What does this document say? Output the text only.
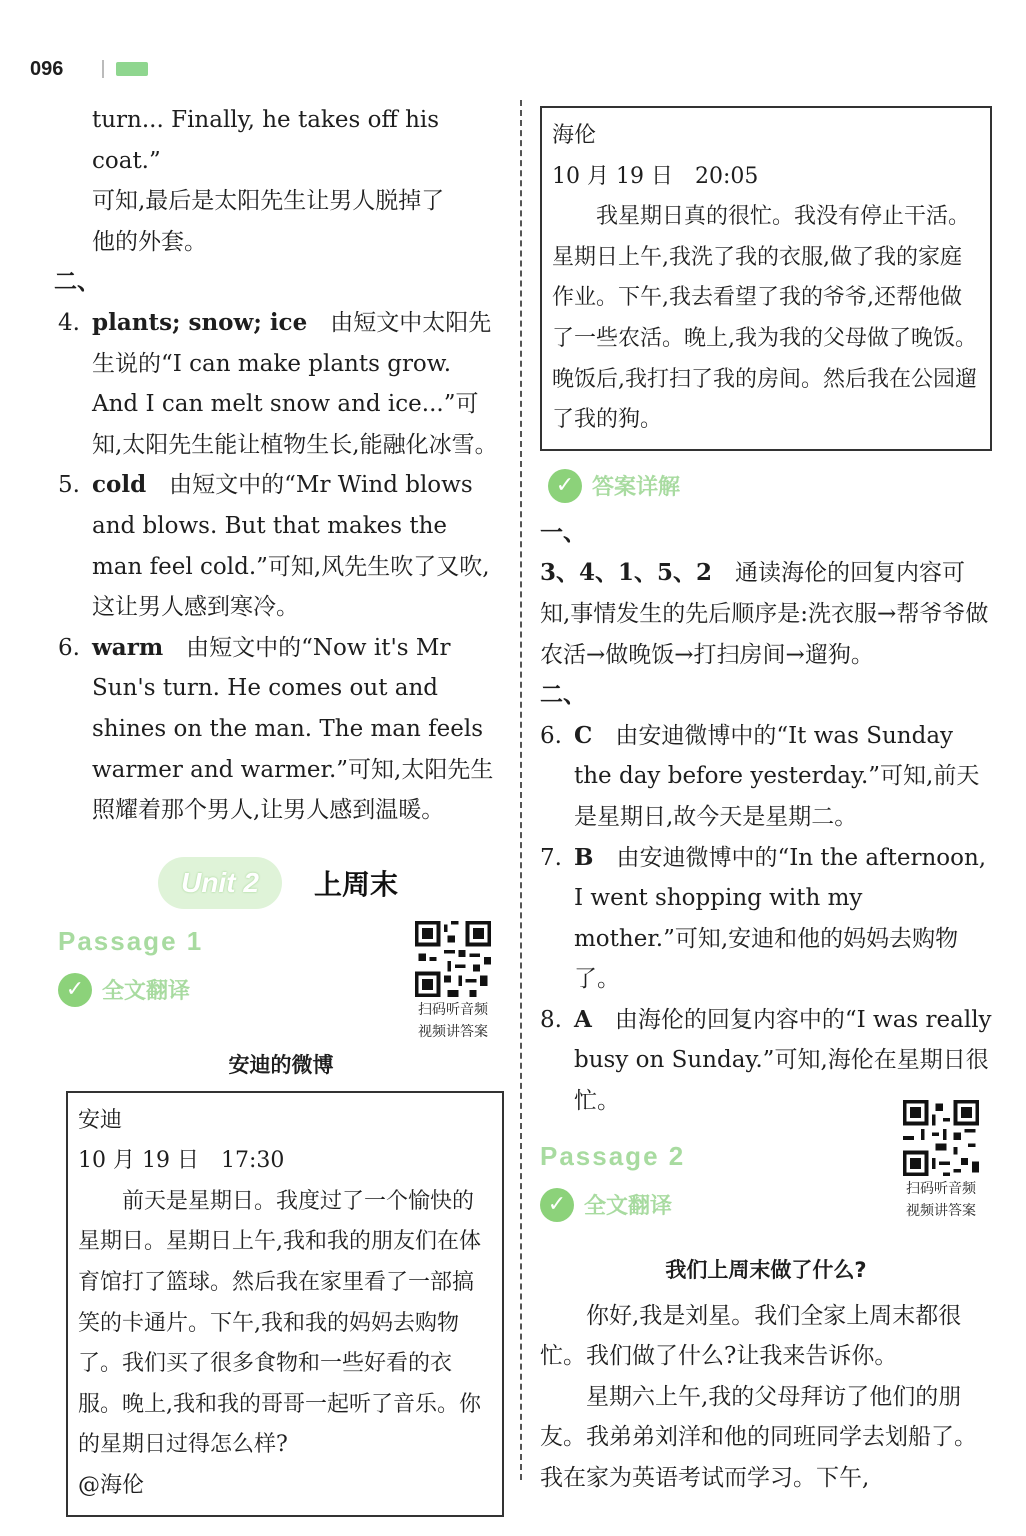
096

turn... Finally, he takes off his coat.”

可知,最后是太阳先生让男人脱掉了

他的外套。

二、

4. plants; snow; ice　 由短文中太阳先生说的“I can make plants grow. And I can melt snow and ice...”可知,太阳先生能让植物生长,能融化冰雪。
5. cold　 由短文中的“Mr Wind blows and blows. But that makes the man feel cold.”可知,风先生吹了又吹,这让男人感到寒冷。
6. warm　 由短文中的“Now it's Mr Sun's turn. He comes out and shines on the man. The man feels warmer and warmer.”可知,太阳先生照耀着那个男人,让男人感到温暖。
Unit 2	上周末

Passage 1

✓ 全文翻译
扫码听音频
视频讲答案
安迪的微博

安迪

10 月 19 日　17:30

前天是星期日。我度过了一个愉快的星期日。星期日上午,我和我的朋友们在体育馆打了篮球。然后我在家里看了一部搞笑的卡通片。下午,我和我的妈妈去购物了。我们买了很多食物和一些好看的衣服。晚上,我和我的哥哥一起听了音乐。你的星期日过得怎么样?

@海伦

海伦

10 月 19 日　20:05

我星期日真的很忙。我没有停止干活。星期日上午,我洗了我的衣服,做了我的家庭作业。下午,我去看望了我的爷爷,还帮他做了一些农活。晚上,我为我的父母做了晚饭。晚饭后,我打扫了我的房间。然后我在公园遛了我的狗。

✓ 答案详解

一、

3、4、1、5、2　 通读海伦的回复内容可知,事情发生的先后顺序是:洗衣服→帮爷爷做农活→做晚饭→打扫房间→遛狗。

二、

6. C　 由安迪微博中的“It was Sunday the day before yesterday.”可知,前天是星期日,故今天是星期二。
7. B　 由安迪微博中的“In the afternoon, I went shopping with my mother.”可知,安迪和他的妈妈去购物了。
8. A　 由海伦的回复内容中的“I was really busy on Sunday.”可知,海伦在星期日很忙。

Passage 2

✓ 全文翻译
扫码听音频
视频讲答案
我们上周末做了什么?

你好,我是刘星。我们全家上周末都很忙。我们做了什么?让我来告诉你。

星期六上午,我的父母拜访了他们的朋友。我弟弟刘洋和他的同班同学去划船了。我在家为英语考试而学习。下午,
